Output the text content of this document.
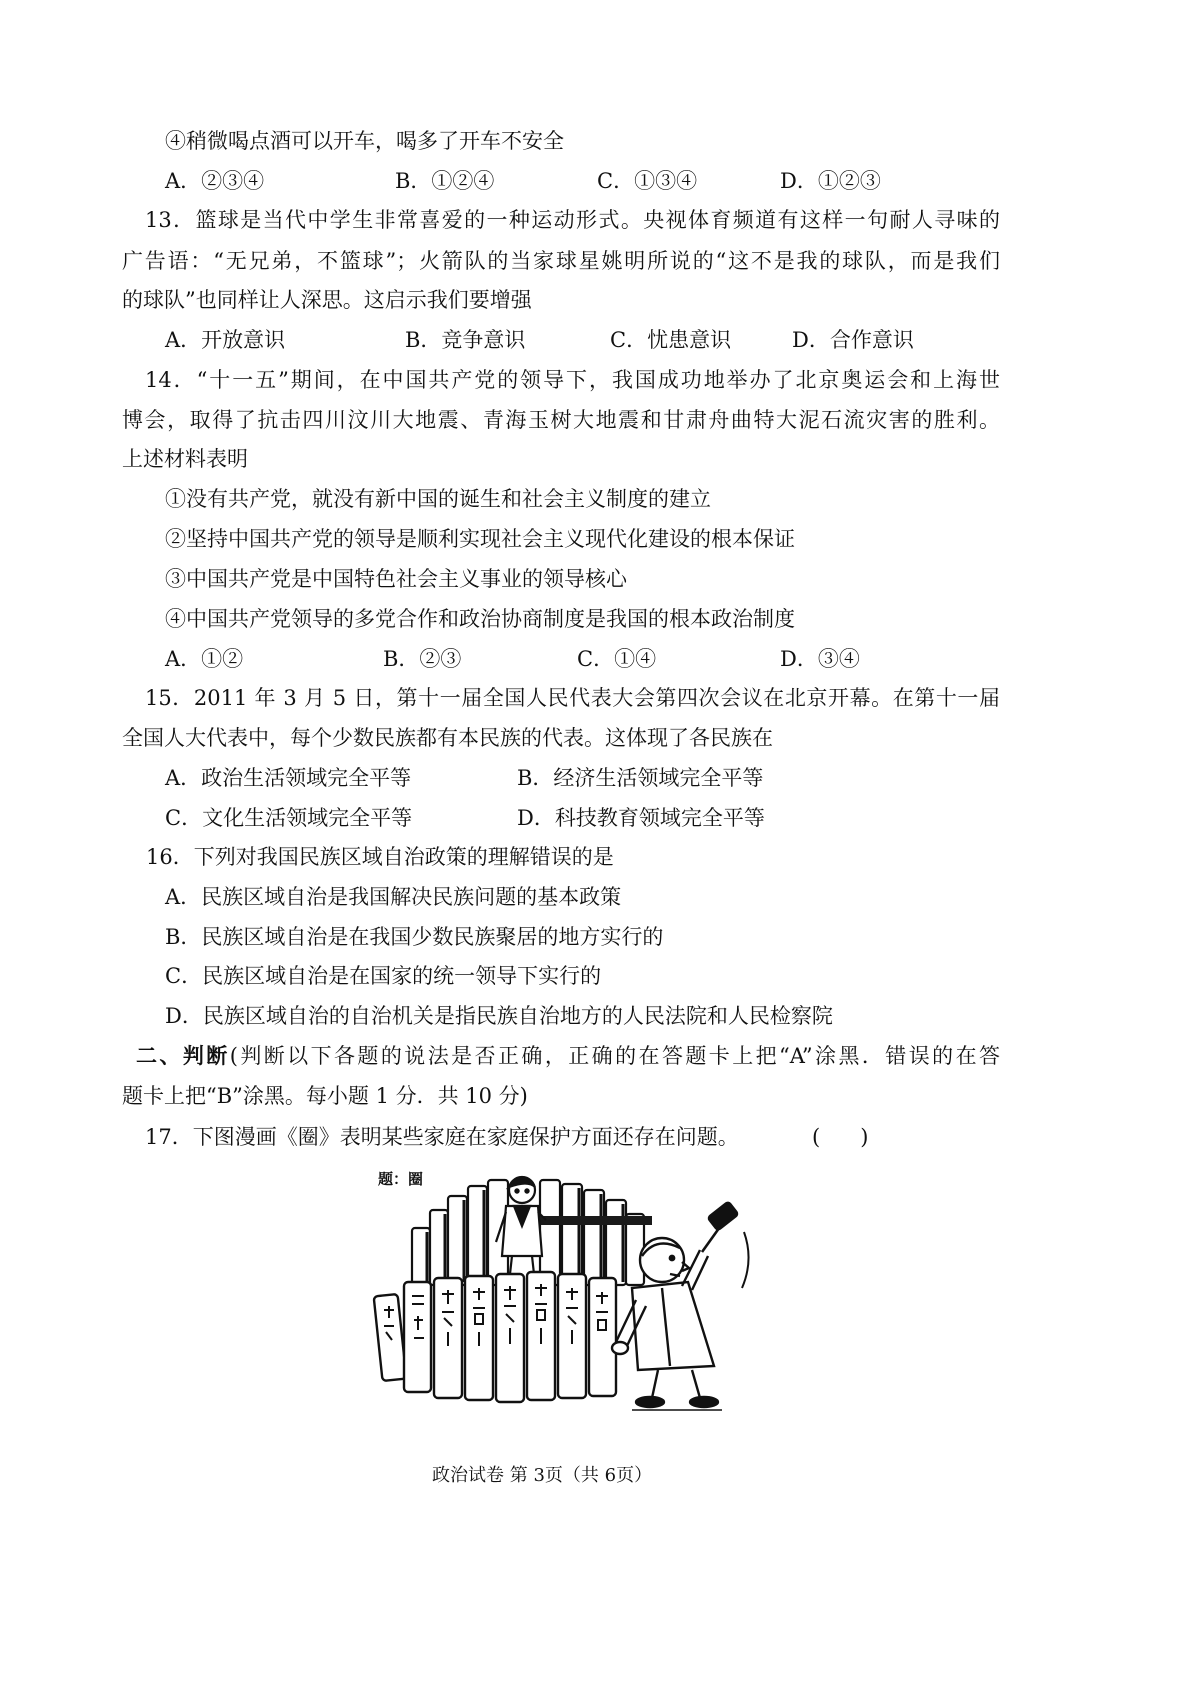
④稍微喝点酒可以开车，喝多了开车不安全
A．②③④	B．①②④	C．①③④	D．①②③
13．篮球是当代中学生非常喜爱的一种运动形式。央视体育频道有这样一句耐人寻味的
广告语：“无兄弟，不篮球”；火箭队的当家球星姚明所说的“这不是我的球队，而是我们
的球队”也同样让人深思。这启示我们要增强
A．开放意识	B．竞争意识	C．忧患意识	D．合作意识
14．“十一五”期间，在中国共产党的领导下，我国成功地举办了北京奥运会和上海世
博会，取得了抗击四川汶川大地震、青海玉树大地震和甘肃舟曲特大泥石流灾害的胜利。
上述材料表明
①没有共产党，就没有新中国的诞生和社会主义制度的建立
②坚持中国共产党的领导是顺利实现社会主义现代化建设的根本保证
③中国共产党是中国特色社会主义事业的领导核心
④中国共产党领导的多党合作和政治协商制度是我国的根本政治制度
A．①②	B．②③	C．①④	D．③④
15．2011 年 3 月 5 日，第十一届全国人民代表大会第四次会议在北京开幕。在第十一届
全国人大代表中，每个少数民族都有本民族的代表。这体现了各民族在
A．政治生活领域完全平等	B．经济生活领域完全平等
C．文化生活领域完全平等	D．科技教育领域完全平等
16．下列对我国民族区域自治政策的理解错误的是
A．民族区域自治是我国解决民族问题的基本政策
B．民族区域自治是在我国少数民族聚居的地方实行的
C．民族区域自治是在国家的统一领导下实行的
D．民族区域自治的自治机关是指民族自治地方的人民法院和人民检察院
二、判断(判断以下各题的说法是否正确，正确的在答题卡上把“A”涂黑．错误的在答
题卡上把“B”涂黑。每小题 1 分．共 10 分)
17．下图漫画《圈》表明某些家庭在家庭保护方面还存在问题。	(      )
题：圈
政治试卷 第 3页（共 6页）
